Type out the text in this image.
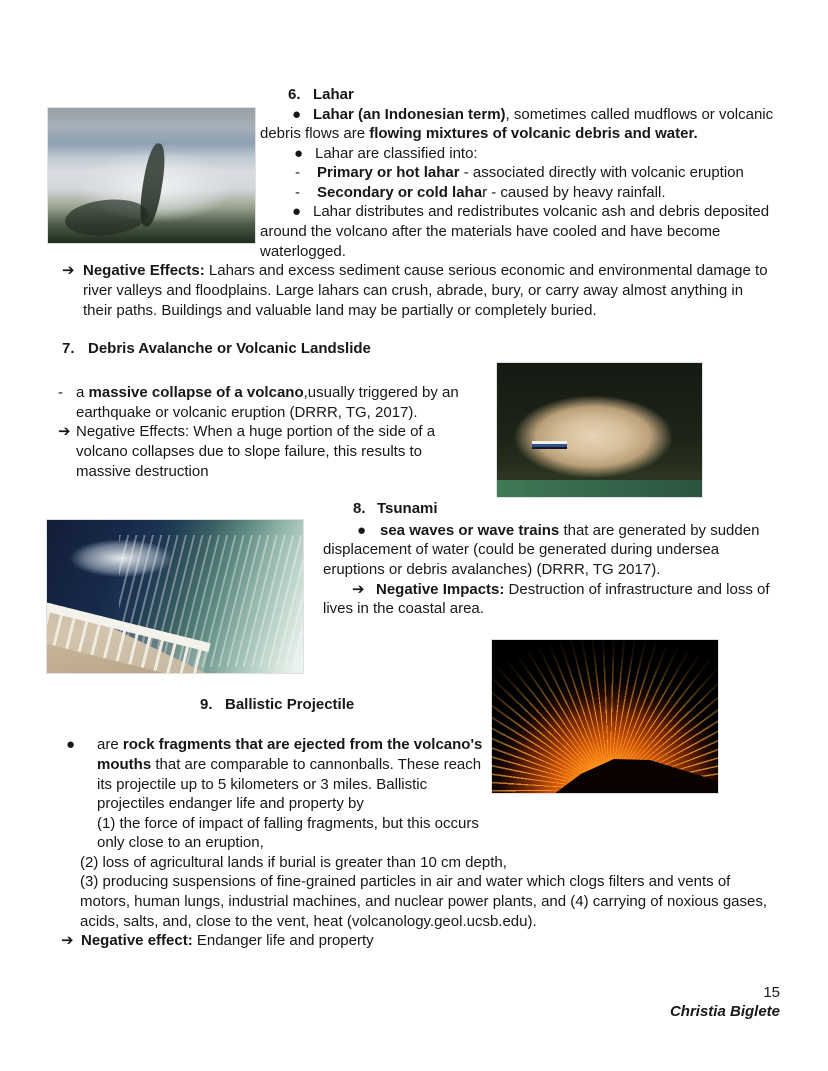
6. Lahar
● Lahar (an Indonesian term), sometimes called mudflows or volcanic
debris flows are flowing mixtures of volcanic debris and water.
● Lahar are classified into:
- Primary or hot lahar - associated directly with volcanic eruption
- Secondary or cold lahar - caused by heavy rainfall.
● Lahar distributes and redistributes volcanic ash and debris deposited
around the volcano after the materials have cooled and have become
waterlogged.
➔ Negative Effects: Lahars and excess sediment cause serious economic and environmental damage to
river valleys and floodplains. Large lahars can crush, abrade, bury, or carry away almost anything in
their paths. Buildings and valuable land may be partially or completely buried.
7. Debris Avalanche or Volcanic Landslide
- a massive collapse of a volcano,usually triggered by an
earthquake or volcanic eruption (DRRR, TG, 2017).
➔ Negative Effects: When a huge portion of the side of a
volcano collapses due to slope failure, this results to
massive destruction
8. Tsunami
● sea waves or wave trains that are generated by sudden
displacement of water (could be generated during undersea
eruptions or debris avalanches) (DRRR, TG 2017).
➔ Negative Impacts: Destruction of infrastructure and loss of
lives in the coastal area.
9. Ballistic Projectile
● are rock fragments that are ejected from the volcano's
mouths that are comparable to cannonballs. These reach
its projectile up to 5 kilometers or 3 miles. Ballistic
projectiles endanger life and property by
(1) the force of impact of falling fragments, but this occurs
only close to an eruption,
(2) loss of agricultural lands if burial is greater than 10 cm depth,
(3) producing suspensions of fine-grained particles in air and water which clogs filters and vents of
motors, human lungs, industrial machines, and nuclear power plants, and (4) carrying of noxious gases,
acids, salts, and, close to the vent, heat (volcanology.geol.ucsb.edu).
➔ Negative effect: Endanger life and property
15
Christia Biglete
